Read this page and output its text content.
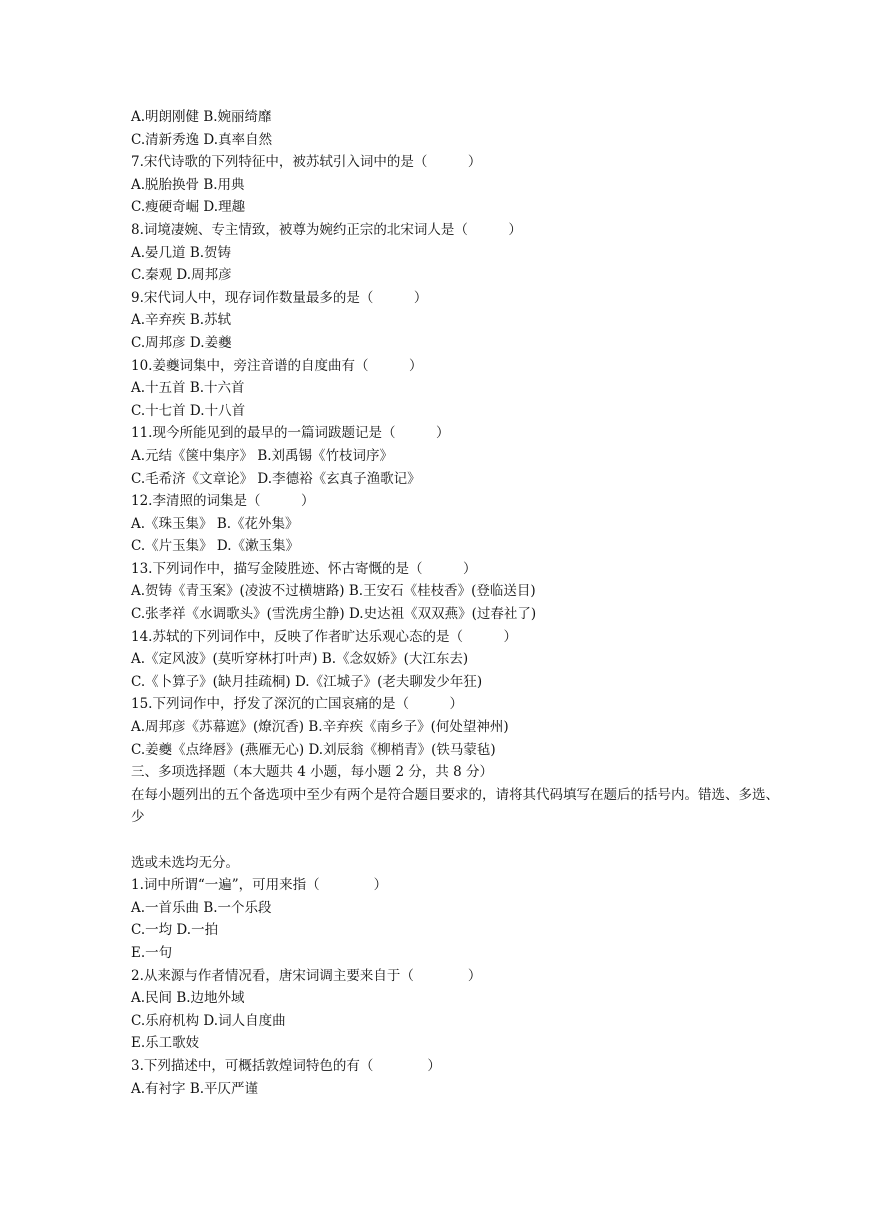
A.明朗刚健 B.婉丽绮靡
C.清新秀逸 D.真率自然
7.宋代诗歌的下列特征中，被苏轼引入词中的是（　　　）
A.脱胎换骨 B.用典
C.瘦硬奇崛 D.理趣
8.词境凄婉、专主情致，被尊为婉约正宗的北宋词人是（　　　）
A.晏几道 B.贺铸
C.秦观 D.周邦彦
9.宋代词人中，现存词作数量最多的是（　　　）
A.辛弃疾 B.苏轼
C.周邦彦 D.姜夔
10.姜夔词集中，旁注音谱的自度曲有（　　　）
A.十五首 B.十六首
C.十七首 D.十八首
11.现今所能见到的最早的一篇词跋题记是（　　　）
A.元结《箧中集序》 B.刘禹锡《竹枝词序》
C.毛希济《文章论》 D.李德裕《玄真子渔歌记》
12.李清照的词集是（　　　）
A.《珠玉集》 B.《花外集》
C.《片玉集》 D.《漱玉集》
13.下列词作中，描写金陵胜迹、怀古寄慨的是（　　　）
A.贺铸《青玉案》(凌波不过横塘路) B.王安石《桂枝香》(登临送目)
C.张孝祥《水调歌头》(雪洗虏尘静) D.史达祖《双双燕》(过春社了)
14.苏轼的下列词作中，反映了作者旷达乐观心态的是（　　　）
A.《定风波》(莫听穿林打叶声) B.《念奴娇》(大江东去)
C.《卜算子》(缺月挂疏桐) D.《江城子》(老夫聊发少年狂)
15.下列词作中，抒发了深沉的亡国哀痛的是（　　　）
A.周邦彦《苏幕遮》(燎沉香) B.辛弃疾《南乡子》(何处望神州)
C.姜夔《点绛唇》(燕雁无心) D.刘辰翁《柳梢青》(铁马蒙毡)
三、多项选择题（本大题共 4 小题，每小题 2 分，共 8 分）
在每小题列出的五个备选项中至少有两个是符合题目要求的，请将其代码填写在题后的括号内。错选、多选、少
选或未选均无分。
1.词中所谓“一遍”，可用来指（　　　　）
A.一首乐曲 B.一个乐段
C.一均 D.一拍
E.一句
2.从来源与作者情况看，唐宋词调主要来自于（　　　　）
A.民间 B.边地外域
C.乐府机构 D.词人自度曲
E.乐工歌妓
3.下列描述中，可概括敦煌词特色的有（　　　　）
A.有衬字 B.平仄严谨
